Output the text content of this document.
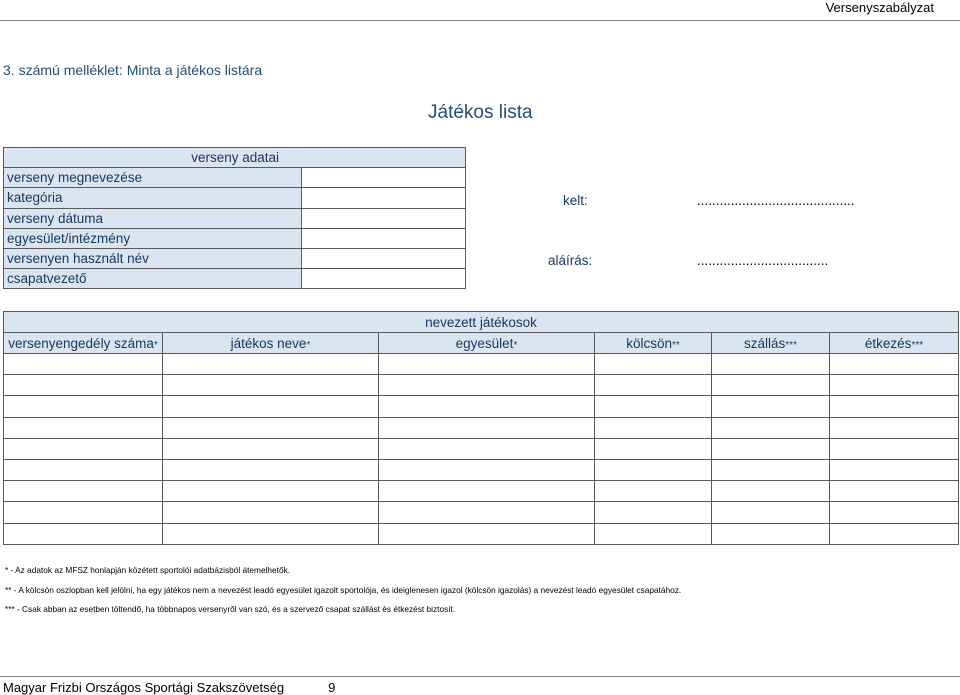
Versenyszabályzat
3. számú melléklet: Minta a játékos listára
Játékos lista
verseny adatai	
verseny megnevezése	
kategória	
verseny dátuma	
egyesület/intézmény	
versenyen használt név	
csapatvezető	
kelt:	..........................................
aláírás:	...................................
nevezett játékosok					
versenyengedély száma*	játékos neve*	egyesület*	kölcsön**	szállás***	étkezés***

* - Az adatok az MFSZ honlapján közétett sportolói adatbázisból átemelhetők.
** - A kölcsön oszlopban kell jelölni, ha egy játékos nem a nevezést leadó egyesület igazolt sportolója, és ideiglenesen igazol (kölcsön igazolás) a nevezést leadó egyesület csapatához.
*** - Csak abban az esetben töltendő, ha többnapos versenyről van szó, és a szervező csapat szállást és étkezést biztosít.
Magyar Frizbi Országos Sportági Szakszövetség	9
